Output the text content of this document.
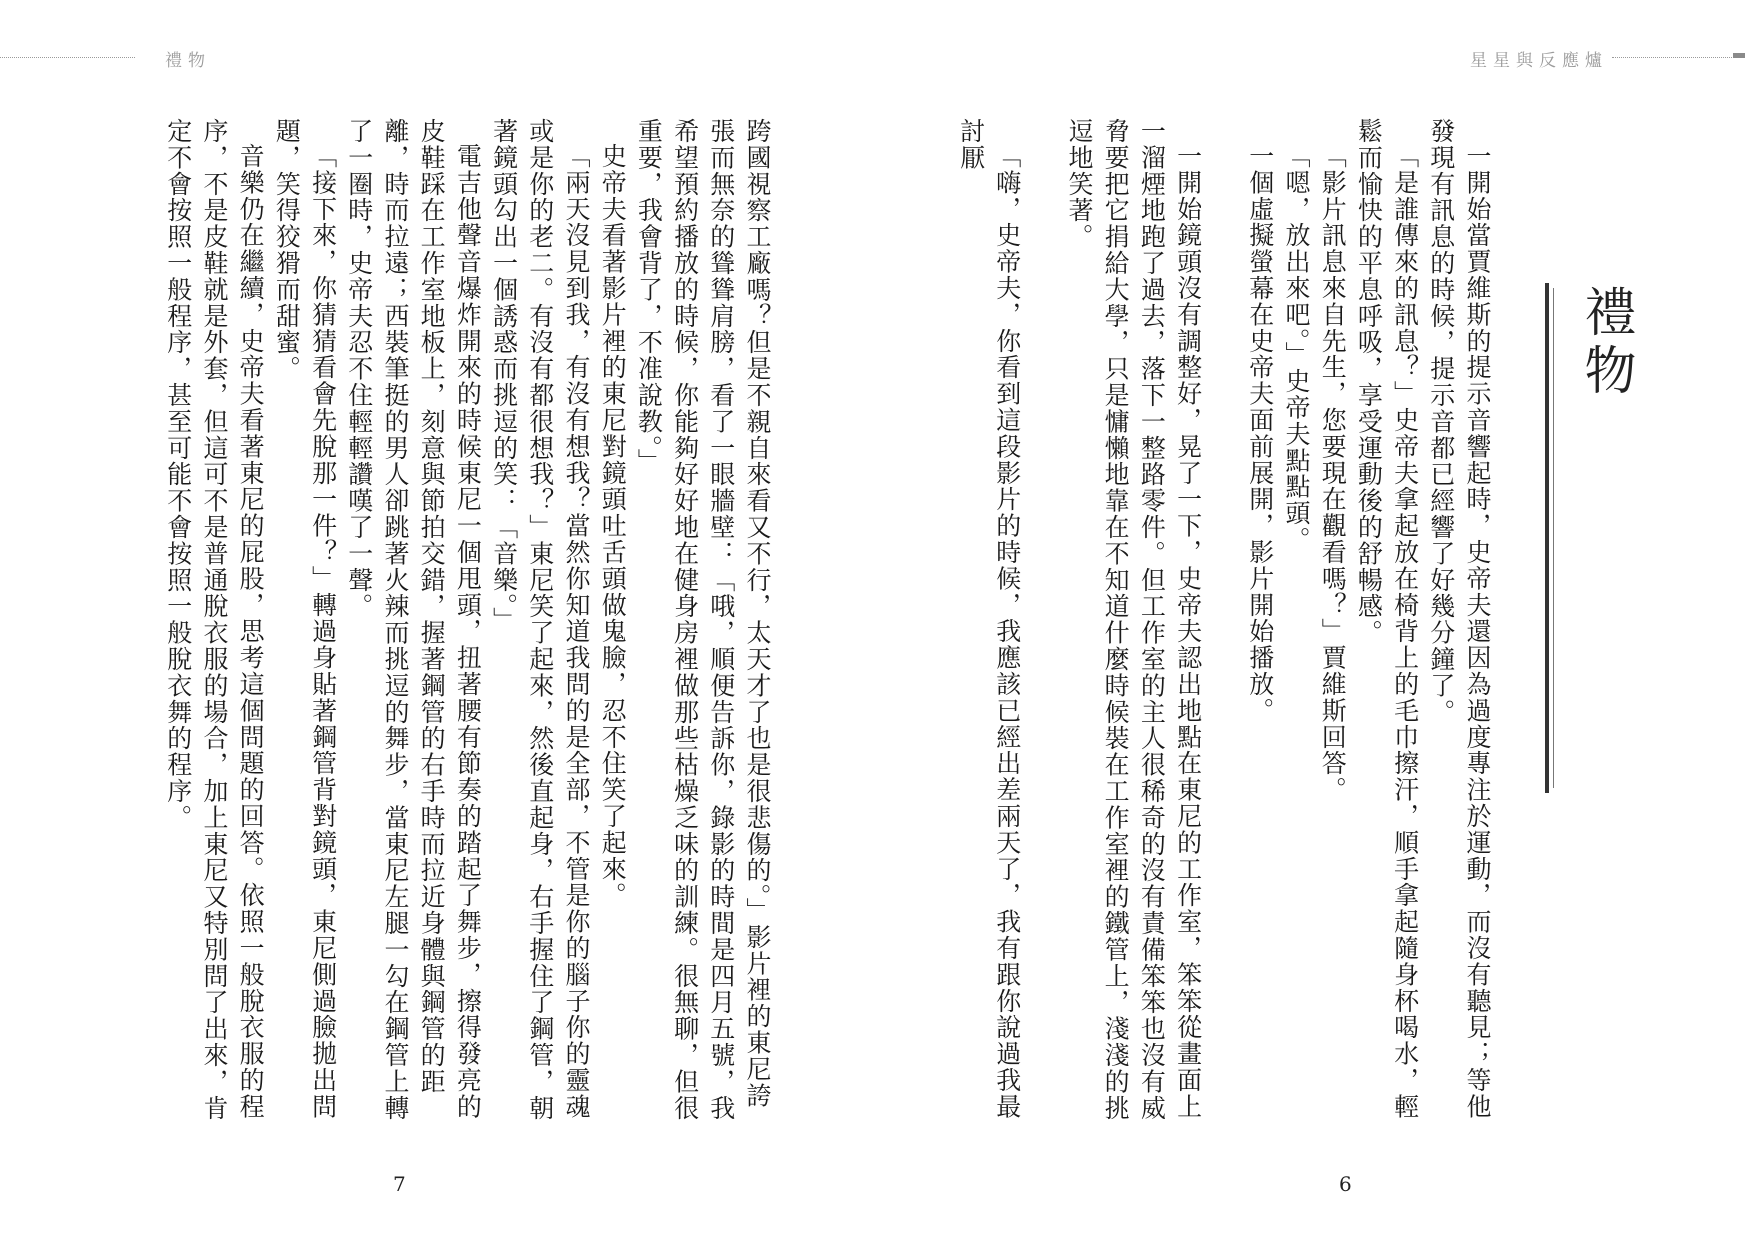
禮物	星星與反應爐
禮物

一開始當賈維斯的提示音響起時，史帝夫還因為過度專注於運動，而沒有聽見；等他發現有訊息的時候，提示音都已經響了好幾分鐘了。

「是誰傳來的訊息？」史帝夫拿起放在椅背上的毛巾擦汗，順手拿起隨身杯喝水，輕鬆而愉快的平息呼吸，享受運動後的舒暢感。

「影片訊息來自先生，您要現在觀看嗎？」賈維斯回答。

「嗯，放出來吧。」史帝夫點點頭。

一個虛擬螢幕在史帝夫面前展開，影片開始播放。

一開始鏡頭沒有調整好，晃了一下，史帝夫認出地點在東尼的工作室，笨笨從畫面上一溜煙地跑了過去，落下一整路零件。但工作室的主人很稀奇的沒有責備笨笨也沒有威脅要把它捐給大學，只是慵懶地靠在不知道什麼時候裝在工作室裡的鐵管上，淺淺的挑逗地笑著。

「嗨，史帝夫，你看到這段影片的時候，我應該已經出差兩天了，我有跟你說過我最討厭

6

跨國視察工廠嗎？但是不親自來看又不行，太天才了也是很悲傷的。」影片裡的東尼誇張而無奈的聳聳肩膀，看了一眼牆壁：「哦，順便告訴你，錄影的時間是四月五號，我希望預約播放的時候，你能夠好好地在健身房裡做那些枯燥乏味的訓練。很無聊，但很重要，我會背了，不准說教。」

史帝夫看著影片裡的東尼對鏡頭吐舌頭做鬼臉，忍不住笑了起來。

「兩天沒見到我，有沒有想我？當然你知道我問的是全部，不管是你的腦子你的靈魂或是你的老二。有沒有都很想我？」東尼笑了起來，然後直起身，右手握住了鋼管，朝著鏡頭勾出一個誘惑而挑逗的笑：「音樂。」

電吉他聲音爆炸開來的時候東尼一個甩頭，扭著腰有節奏的踏起了舞步，擦得發亮的皮鞋踩在工作室地板上，刻意與節拍交錯，握著鋼管的右手時而拉近身體與鋼管的距離，時而拉遠；西裝筆挺的男人卻跳著火辣而挑逗的舞步，當東尼左腿一勾在鋼管上轉了一圈時，史帝夫忍不住輕輕讚嘆了一聲。

「接下來，你猜猜看會先脫那一件？」轉過身貼著鋼管背對鏡頭，東尼側過臉拋出問題，笑得狡猾而甜蜜。

音樂仍在繼續，史帝夫看著東尼的屁股，思考這個問題的回答。依照一般脫衣服的程序，不是皮鞋就是外套，但這可不是普通脫衣服的場合，加上東尼又特別問了出來，肯定不會按照一般程序，甚至可能不會按照一般脫衣舞的程序。

7
